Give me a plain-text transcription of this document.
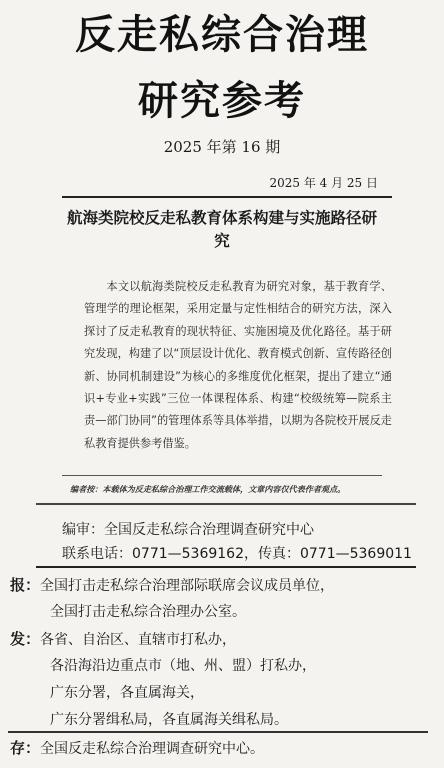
反走私综合治理
研究参考
2025 年第 16 期
2025 年 4 月 25 日
航海类院校反走私教育体系构建与实施路径研究
本文以航海类院校反走私教育为研究对象，基于教育学、管理学的理论框架，采用定量与定性相结合的研究方法，深入探讨了反走私教育的现状特征、实施困境及优化路径。基于研究发现，构建了以“顶层设计优化、教育模式创新、宣传路径创新、协同机制建设”为核心的多维度优化框架，提出了建立“通识+专业+实践”三位一体课程体系、构建“校级统筹—院系主责—部门协同”的管理体系等具体举措，以期为各院校开展反走私教育提供参考借鉴。
编者按：本载体为反走私综合治理工作交流载体，文章内容仅代表作者观点。
编审：全国反走私综合治理调查研究中心
联系电话：0771—5369162，传真：0771—5369011
报：全国打击走私综合治理部际联席会议成员单位，
全国打击走私综合治理办公室。
发：各省、自治区、直辖市打私办，
各沿海沿边重点市（地、州、盟）打私办，
广东分署，各直属海关，
广东分署缉私局，各直属海关缉私局。
存：全国反走私综合治理调查研究中心。
